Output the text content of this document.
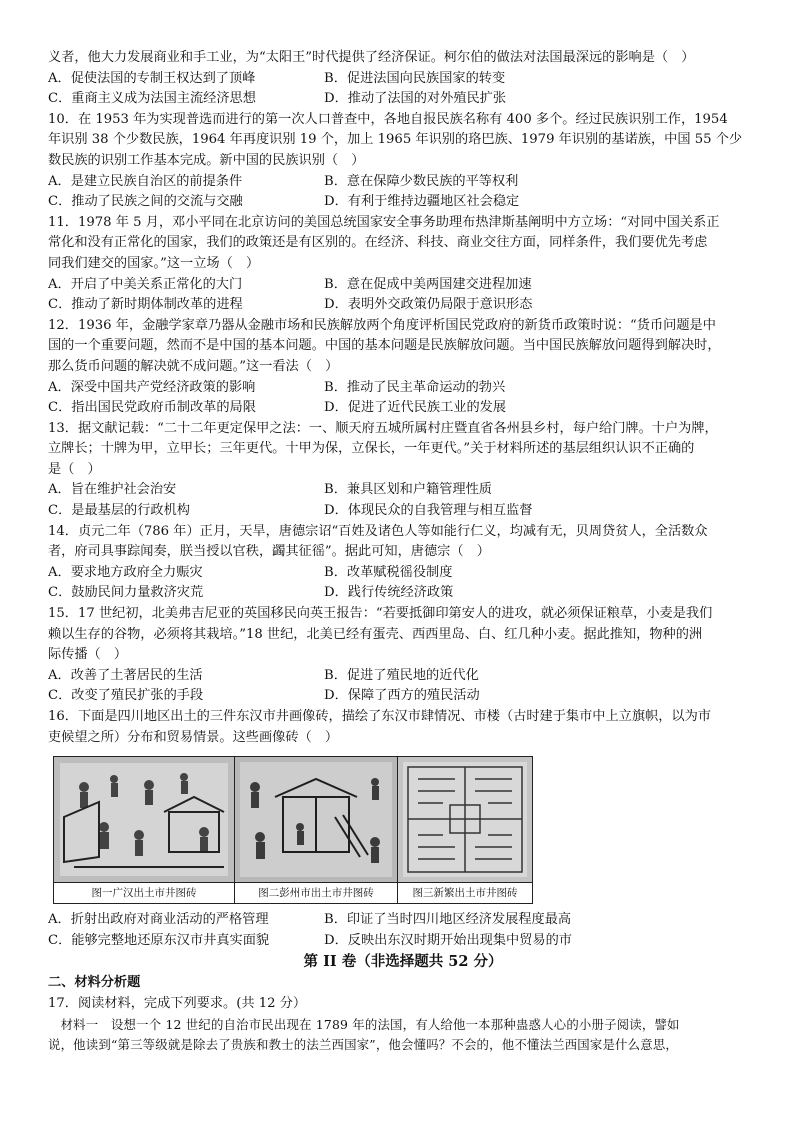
义者，他大力发展商业和手工业，为“太阳王”时代提供了经济保证。柯尔伯的做法对法国最深远的影响是（　）
A．促使法国的专制王权达到了顶峰	B．促进法国向民族国家的转变
C．重商主义成为法国主流经济思想	D．推动了法国的对外殖民扩张
10．在 1953 年为实现普选而进行的第一次人口普查中，各地自报民族名称有 400 多个。经过民族识别工作，1954
年识别 38 个少数民族，1964 年再度识别 19 个，加上 1965 年识别的珞巴族、1979 年识别的基诺族，中国 55 个少
数民族的识别工作基本完成。新中国的民族识别（　）
A．是建立民族自治区的前提条件	B．意在保障少数民族的平等权利
C．推动了民族之间的交流与交融	D．有利于维持边疆地区社会稳定
11．1978 年 5 月，邓小平同在北京访问的美国总统国家安全事务助理布热津斯基阐明中方立场：“对同中国关系正
常化和没有正常化的国家，我们的政策还是有区别的。在经济、科技、商业交往方面，同样条件，我们要优先考虑
同我们建交的国家。”这一立场（　）
A．开启了中美关系正常化的大门	B．意在促成中美两国建交进程加速
C．推动了新时期体制改革的进程	D．表明外交政策仍局限于意识形态
12．1936 年，金融学家章乃器从金融市场和民族解放两个角度评析国民党政府的新货币政策时说：“货币问题是中
国的一个重要问题，然而不是中国的基本问题。中国的基本问题是民族解放问题。当中国民族解放问题得到解决时，
那么货币问题的解决就不成问题。”这一看法（　）
A．深受中国共产党经济政策的影响	B．推动了民主革命运动的勃兴
C．指出国民党政府币制改革的局限	D．促进了近代民族工业的发展
13．据文献记载：“二十二年更定保甲之法：一、顺天府五城所属村庄暨直省各州县乡村，每户给门牌。十户为牌，
立牌长；十牌为甲，立甲长；三年更代。十甲为保，立保长，一年更代。”关于材料所述的基层组织认识不正确的
是（　）
A．旨在维护社会治安	B．兼具区划和户籍管理性质
C．是最基层的行政机构	D．体现民众的自我管理与相互监督
14．贞元二年（786 年）正月，天旱，唐德宗诏“百姓及诸色人等如能行仁义，均减有无，贝周贷贫人，全活数众
者，府司具事踪闻奏，朕当授以官秩，蠲其征徭”。据此可知，唐德宗（　）
A．要求地方政府全力赈灾	B．改革赋税徭役制度
C．鼓励民间力量救济灾荒	D．践行传统经济政策
15．17 世纪初，北美弗吉尼亚的英国移民向英王报告：“若要抵御印第安人的进攻，就必须保证粮草，小麦是我们
赖以生存的谷物，必须将其栽培。”18 世纪，北美已经有蛋壳、西西里岛、白、红几种小麦。据此推知，物种的洲
际传播（　）
A．改善了土著居民的生活	B．促进了殖民地的近代化
C．改变了殖民扩张的手段	D．保障了西方的殖民活动
16．下面是四川地区出土的三件东汉市井画像砖，描绘了东汉市肆情况、市楼（古时建于集市中上立旗帜，以为市
吏候望之所）分布和贸易情景。这些画像砖（　）
图一广汉出土市井图砖	图二彭州市出土市井图砖	图三新繁出土市井图砖
A．折射出政府对商业活动的严格管理	B．印证了当时四川地区经济发展程度最高
C．能够完整地还原东汉市井真实面貌	D．反映出东汉时期开始出现集中贸易的市
第 II 卷（非选择题共 52 分）
二、材料分析题
17．阅读材料，完成下列要求。(共 12 分）
　材料一　设想一个 12 世纪的自治市民出现在 1789 年的法国，有人给他一本那种蛊惑人心的小册子阅读，譬如
说，他读到“第三等级就是除去了贵族和教士的法兰西国家”，他会懂吗？不会的，他不懂法兰西国家是什么意思，
